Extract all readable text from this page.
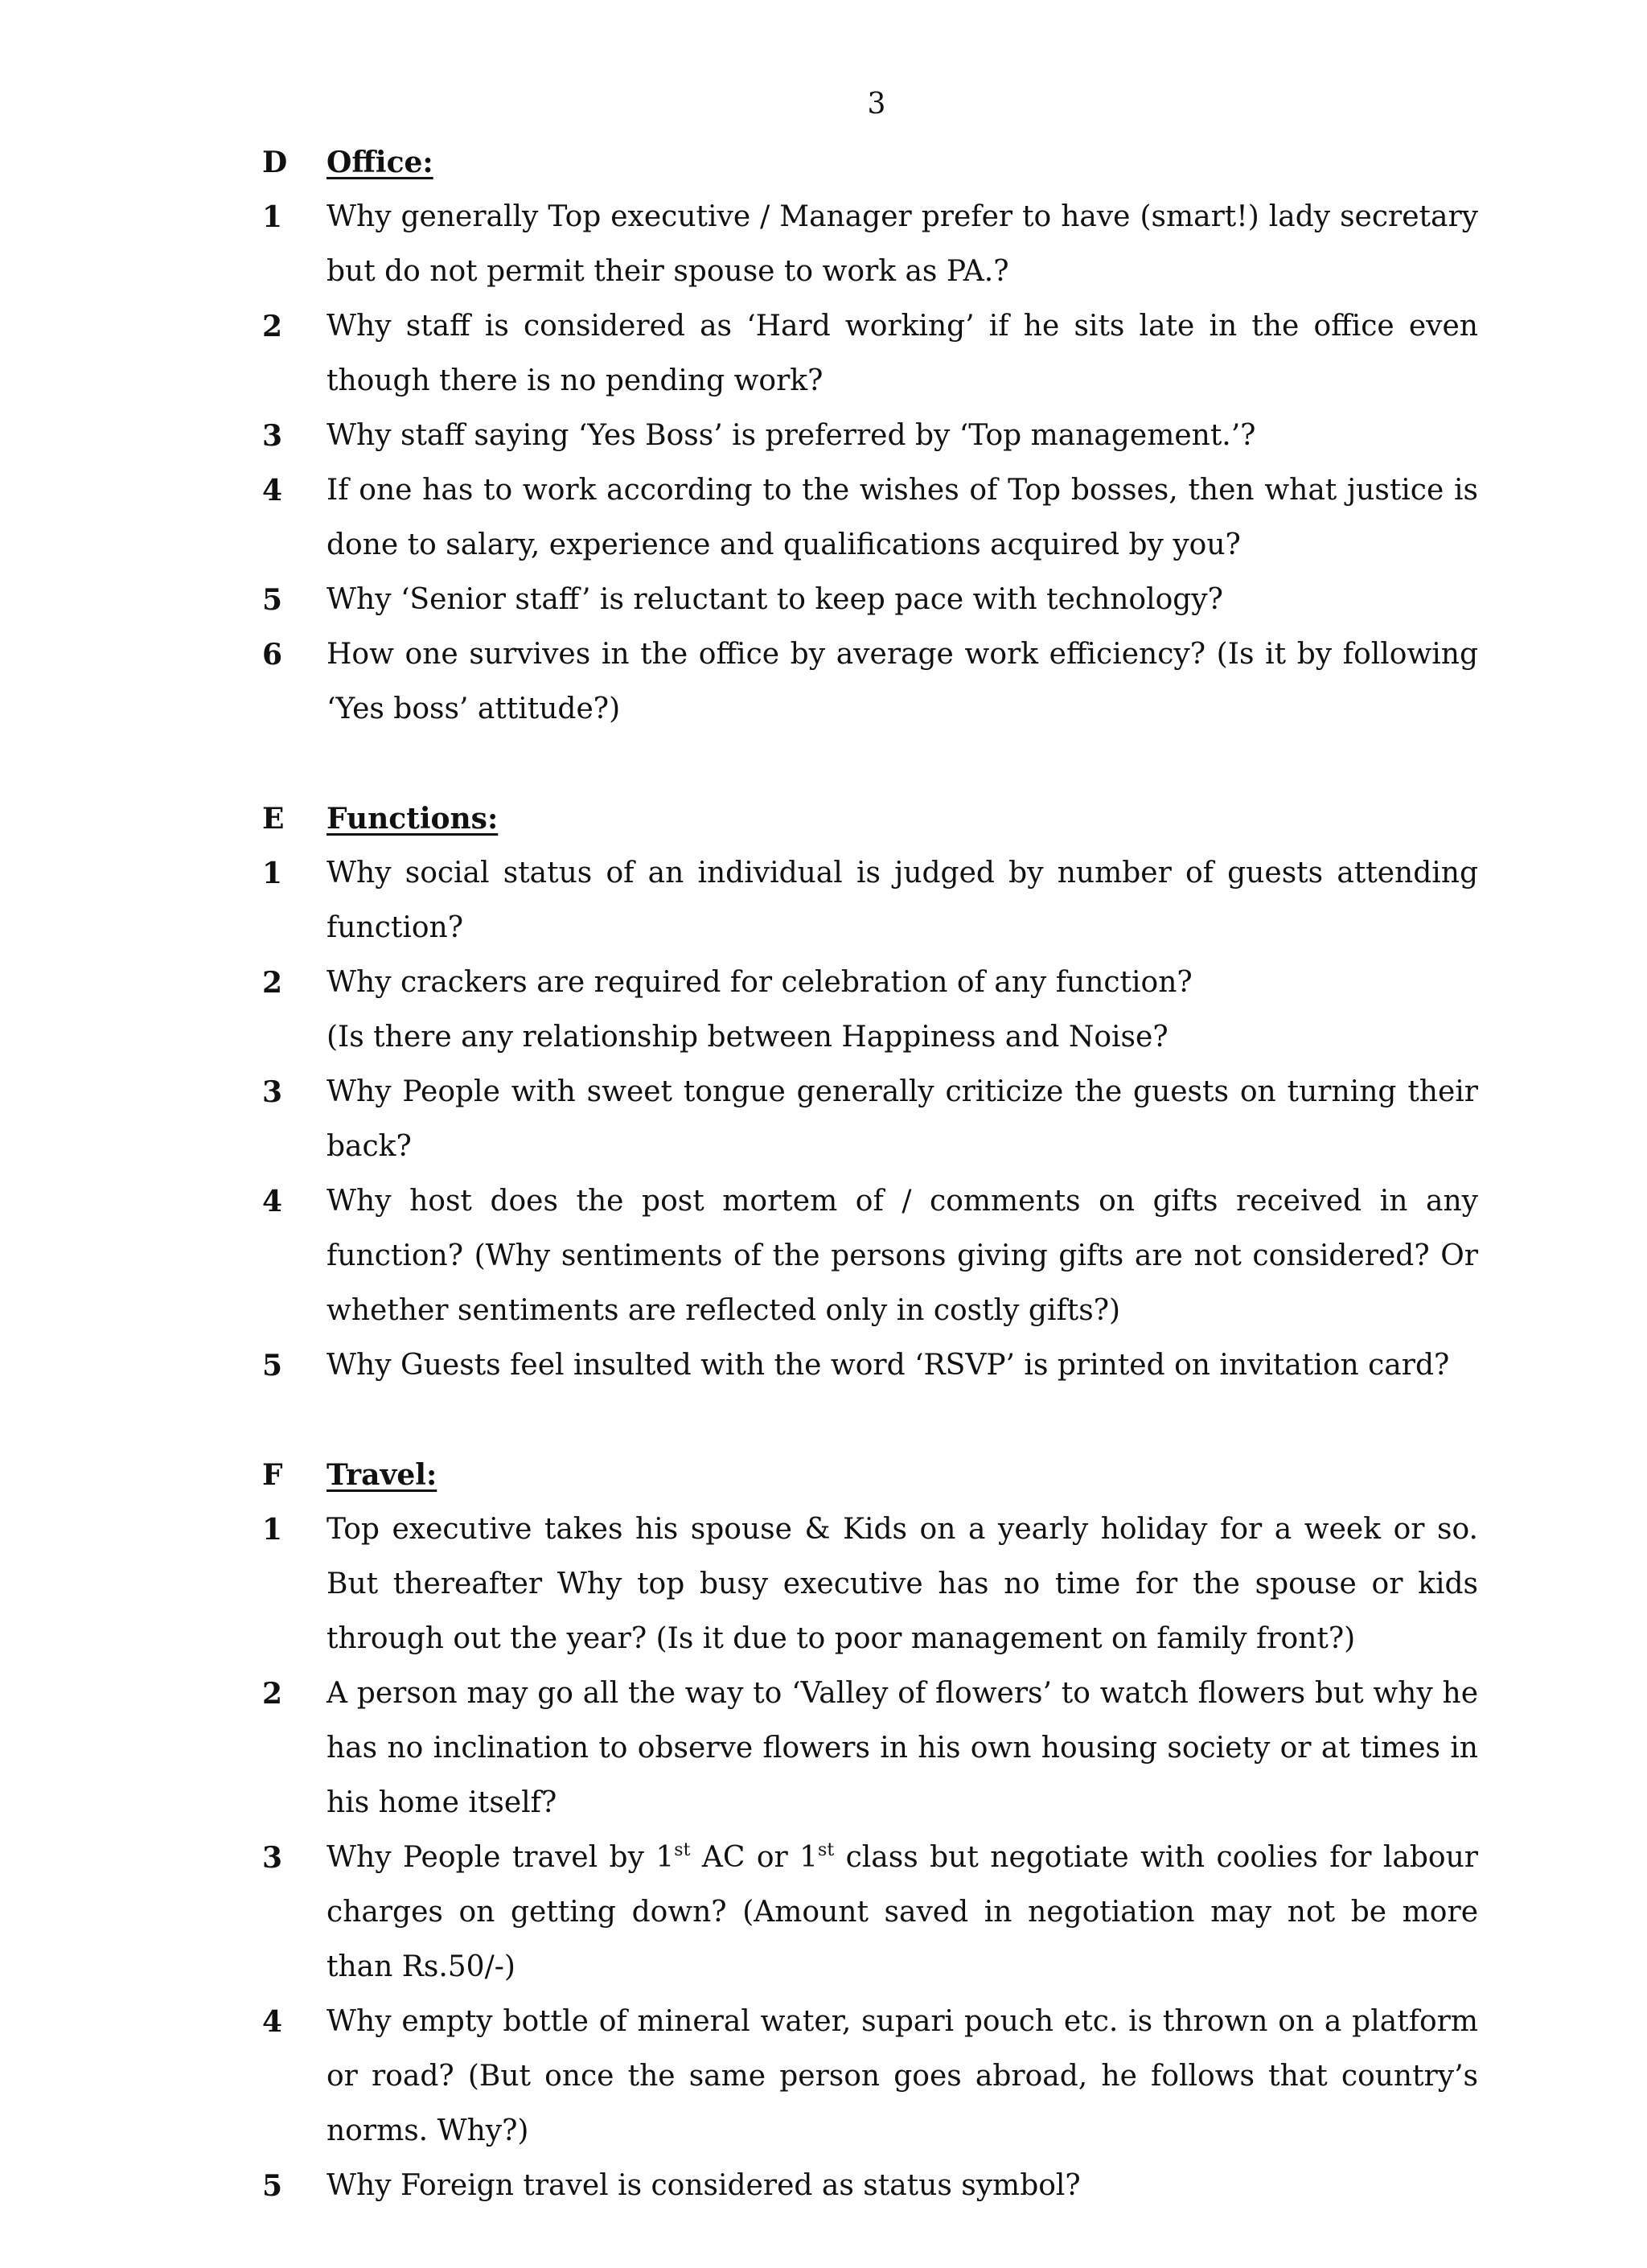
3
D	Office:
1	Why generally Top executive / Manager prefer to have (smart!) lady secretary but do not permit their spouse to work as PA.?
2	Why staff is considered as ‘Hard working’ if he sits late in the office even though there is no pending work?
3	Why staff saying ‘Yes Boss’ is preferred by ‘Top management.’?
4	If one has to work according to the wishes of Top bosses, then what justice is done to salary, experience and qualifications acquired by you?
5	Why ‘Senior staff’ is reluctant to keep pace with technology?
6	How one survives in the office by average work efficiency? (Is it by following ‘Yes boss’ attitude?)
E	Functions:
1	Why social status of an individual is judged by number of guests attending function?
2	Why crackers are required for celebration of any function?
(Is there any relationship between Happiness and Noise?
3	Why People with sweet tongue generally criticize the guests on turning their back?
4	Why host does the post mortem of / comments on gifts received in any function? (Why sentiments of the persons giving gifts are not considered? Or whether sentiments are reflected only in costly gifts?)
5	Why Guests feel insulted with the word ‘RSVP’ is printed on invitation card?
F	Travel:
1	Top executive takes his spouse & Kids on a yearly holiday for a week or so. But thereafter Why top busy executive has no time for the spouse or kids through out the year? (Is it due to poor management on family front?)
2	A person may go all the way to ‘Valley of flowers’ to watch flowers but why he has no inclination to observe flowers in his own housing society or at times in his home itself?
3	Why People travel by 1st AC or 1st class but negotiate with coolies for labour charges on getting down? (Amount saved in negotiation may not be more than Rs.50/-)
4	Why empty bottle of mineral water, supari pouch etc. is thrown on a platform or road? (But once the same person goes abroad, he follows that country’s norms. Why?)
5	Why Foreign travel is considered as status symbol?
